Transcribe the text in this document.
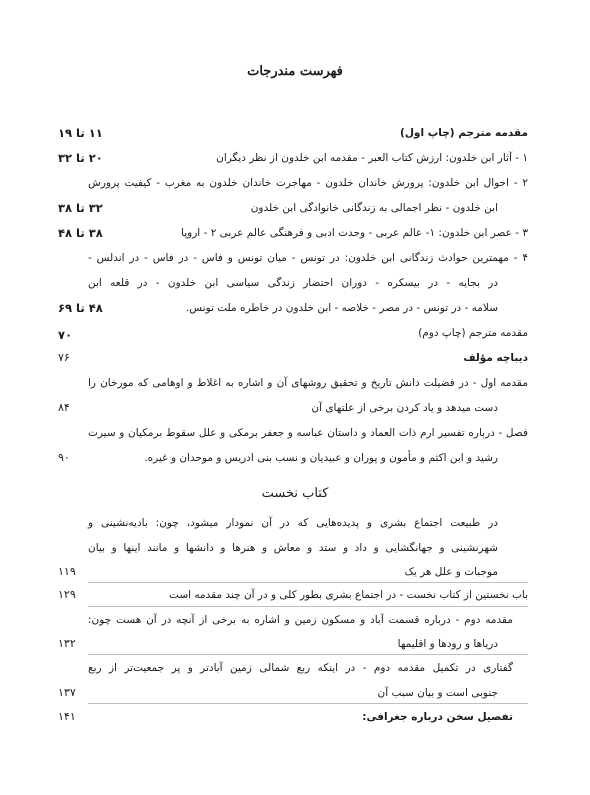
فهرست مندرجات
مقدمه مترجم (چاپ اول)
۱۱ تا ۱۹
۱ - آثار ابن خلدون: ارزش کتاب العبر - مقدمه ابن خلدون از نظر دیگران
۲۰ تا ۳۲
۲ - احوال ابن خلدون: پرورش خاندان خلدون - مهاجرت خاندان خلدون به مغرب - کیفیت پرورش
ابن خلدون - نظر اجمالی به زندگانی خانوادگی ابن خلدون
۳۲ تا ۳۸
۳ - عصر ابن خلدون: ۱- عالم عربی - وحدت ادبی و فرهنگی عالم عربی ۲ - اروپا
۳۸ تا ۴۸
۴ - مهمترین حوادث زندگانی ابن خلدون: در تونس - میان تونس و فاس - در فاس - در اندلس -
در بجایه - در بیسکره - دوران احتضار زندگی سیاسی ابن خلدون - در قلعه ابن
سلامه - در تونس - در مصر - خلاصه - ابن خلدون در خاطره ملت تونس.
۴۸ تا ۶۹
مقدمه مترجم (چاپ دوم)
۷۰
دیباچه مؤلف
۷۶
مقدمه اول - در فضیلت دانش تاریخ و تحقیق روشهای آن و اشاره به اغلاط و اوهامی که مورخان را
دست میدهد و یاد کردن برخی از علتهای آن
۸۴
فصل - درباره تفسیر ارم ذات العماد و داستان عباسه و جعفر برمکی و علل سقوط برمکیان و سیرت
رشید و ابن اکثم و مأمون و پوران و عبیدیان و نسب بنی ادریس و موحدان و غیره.
۹۰
کتاب نخست
در طبیعت اجتماع بشری و پدیده‌هایی که در آن نمودار میشود، چون: بادیه‌نشینی و
شهرنشینی و جهانگشایی و داد و ستد و معاش و هنرها و دانشها و مانند اینها و بیان
موجبات و علل هر یک
۱۱۹
باب نخستین از کتاب نخست - در اجتماع بشری بطور کلی و در آن چند مقدمه است
۱۲۹
مقدمه دوم - درباره قسمت آباد و مسکون زمین و اشاره به برخی از آنچه در آن هست چون:
دریاها و رودها و اقلیمها
۱۳۲
گفتاری در تکمیل مقدمه دوم - در اینکه ربع شمالی زمین آبادتر و پر جمعیت‌تر از ربع
جنوبی است و بیان سبب آن
۱۳۷
تفصیل سخن درباره جغرافی:
۱۴۱
